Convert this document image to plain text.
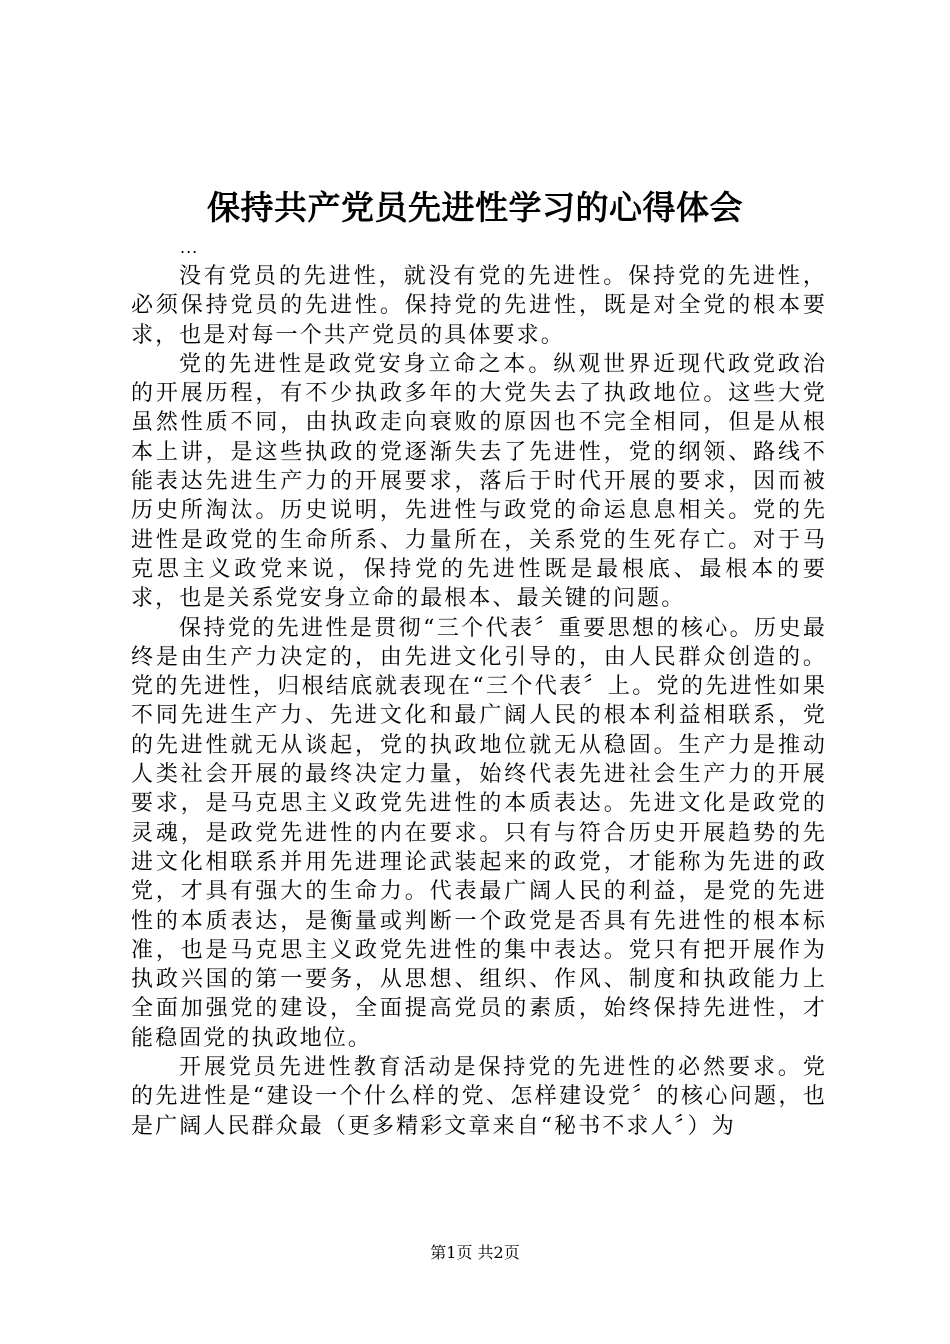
保持共产党员先进性学习的心得体会
...

没有党员的先进性，就没有党的先进性。保持党的先进性，必须保持党员的先进性。保持党的先进性，既是对全党的根本要求，也是对每一个共产党员的具体要求。

党的先进性是政党安身立命之本。纵观世界近现代政党政治的开展历程，有不少执政多年的大党失去了执政地位。这些大党虽然性质不同，由执政走向衰败的原因也不完全相同，但是从根本上讲，是这些执政的党逐渐失去了先进性，党的纲领、路线不能表达先进生产力的开展要求，落后于时代开展的要求，因而被历史所淘汰。历史说明，先进性与政党的命运息息相关。党的先进性是政党的生命所系、力量所在，关系党的生死存亡。对于马克思主义政党来说，保持党的先进性既是最根底、最根本的要求，也是关系党安身立命的最根本、最关键的问题。

保持党的先进性是贯彻“三个代表〞重要思想的核心。历史最终是由生产力决定的，由先进文化引导的，由人民群众创造的。党的先进性，归根结底就表现在“三个代表〞上。党的先进性如果不同先进生产力、先进文化和最广阔人民的根本利益相联系，党的先进性就无从谈起，党的执政地位就无从稳固。生产力是推动人类社会开展的最终决定力量，始终代表先进社会生产力的开展要求，是马克思主义政党先进性的本质表达。先进文化是政党的灵魂，是政党先进性的内在要求。只有与符合历史开展趋势的先进文化相联系并用先进理论武装起来的政党，才能称为先进的政党，才具有强大的生命力。代表最广阔人民的利益，是党的先进性的本质表达，是衡量或判断一个政党是否具有先进性的根本标准，也是马克思主义政党先进性的集中表达。党只有把开展作为执政兴国的第一要务，从思想、组织、作风、制度和执政能力上全面加强党的建设，全面提高党员的素质，始终保持先进性，才能稳固党的执政地位。

开展党员先进性教育活动是保持党的先进性的必然要求。党的先进性是“建设一个什么样的党、怎样建设党〞的核心问题，也是广阔人民群众最（更多精彩文章来自“秘书不求人〞）为

第1页 共2页
